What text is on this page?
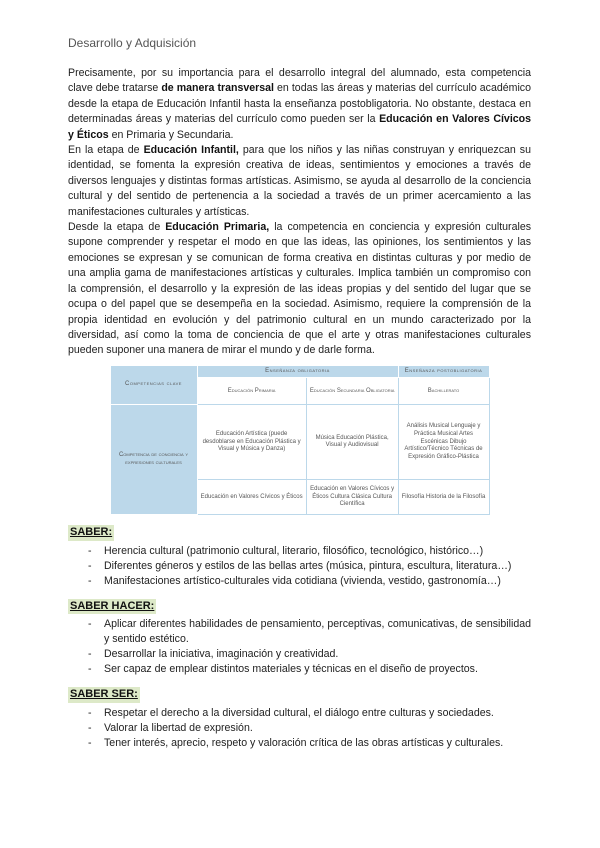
Desarrollo y Adquisición

Precisamente, por su importancia para el desarrollo integral del alumnado, esta competencia clave debe tratarse de manera transversal en todas las áreas y materias del currículo académico desde la etapa de Educación Infantil hasta la enseñanza postobligatoria. No obstante, destaca en determinadas áreas y materias del currículo como pueden ser la Educación en Valores Cívicos y Éticos en Primaria y Secundaria.

En la etapa de Educación Infantil, para que los niños y las niñas construyan y enriquezcan su identidad, se fomenta la expresión creativa de ideas, sentimientos y emociones a través de diversos lenguajes y distintas formas artísticas. Asimismo, se ayuda al desarrollo de la conciencia cultural y del sentido de pertenencia a la sociedad a través de un primer acercamiento a las manifestaciones culturales y artísticas.

Desde la etapa de Educación Primaria, la competencia en conciencia y expresión culturales supone comprender y respetar el modo en que las ideas, las opiniones, los sentimientos y las emociones se expresan y se comunican de forma creativa en distintas culturas y por medio de una amplia gama de manifestaciones artísticas y culturales. Implica también un compromiso con la comprensión, el desarrollo y la expresión de las ideas propias y del sentido del lugar que se ocupa o del papel que se desempeña en la sociedad. Asimismo, requiere la comprensión de la propia identidad en evolución y del patrimonio cultural en un mundo caracterizado por la diversidad, así como la toma de conciencia de que el arte y otras manifestaciones culturales pueden suponer una manera de mirar el mundo y de darle forma.

Competencias clave	Enseñanza obligatoria		Enseñanza postobligatoria
	Educación Primaria	Educación Secundaria Obligatoria	Bachillerato
Competencia de conciencia y expresiones culturales	Educación Artística (puede desdoblarse en Educación Plástica y Visual y Música y Danza)	Música Educación Plástica, Visual y Audiovisual	Análisis Musical Lenguaje y Práctica Musical Artes Escénicas Dibujo Artístico/Técnico Técnicas de Expresión Gráfico-Plástica
	Educación en Valores Cívicos y Éticos	Educación en Valores Cívicos y Éticos Cultura Clásica Cultura Científica	Filosofía Historia de la Filosofía
SABER:
- Herencia cultural (patrimonio cultural, literario, filosófico, tecnológico, histórico…)
- Diferentes géneros y estilos de las bellas artes (música, pintura, escultura, literatura…)
- Manifestaciones artístico-culturales vida cotidiana (vivienda, vestido, gastronomía…)
SABER HACER:
- Aplicar diferentes habilidades de pensamiento, perceptivas, comunicativas, de sensibilidad y sentido estético.
- Desarrollar la iniciativa, imaginación y creatividad.
- Ser capaz de emplear distintos materiales y técnicas en el diseño de proyectos.
SABER SER:
- Respetar el derecho a la diversidad cultural, el diálogo entre culturas y sociedades.
- Valorar la libertad de expresión.
- Tener interés, aprecio, respeto y valoración crítica de las obras artísticas y culturales.
